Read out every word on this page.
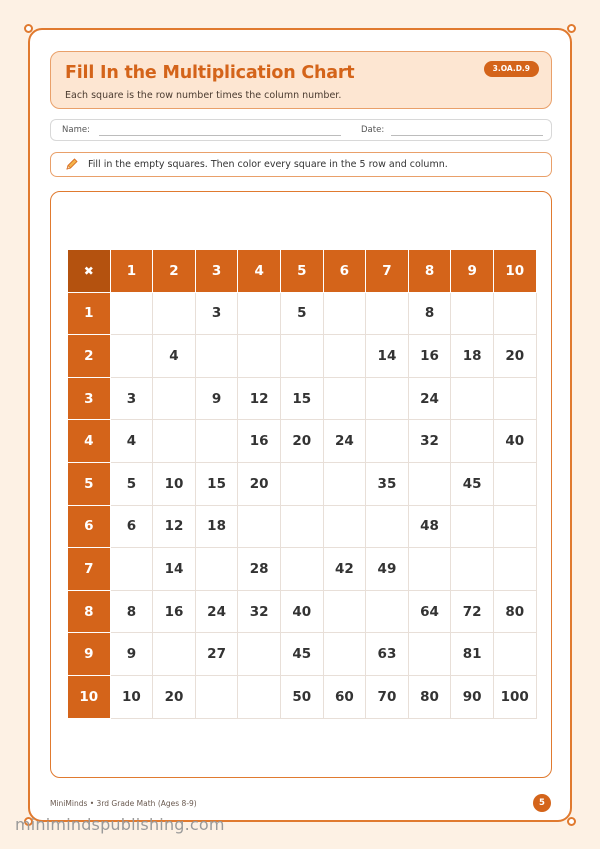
Fill In the Multiplication Chart
Each square is the row number times the column number.
3.OA.D.9
Name:	Date:
Fill in the empty squares. Then color every square in the 5 row and column.
✖	1	2	3	4	5	6	7	8	9	10
1			3		5			8		
2		4					14	16	18	20
3	3		9	12	15			24		
4	4			16	20	24		32		40
5	5	10	15	20			35		45	
6	6	12	18					48		
7		14		28		42	49			
8	8	16	24	32	40			64	72	80
9	9		27		45		63		81	
10	10	20			50	60	70	80	90	100
MiniMinds • 3rd Grade Math (Ages 8-9)	5
minimindspublishing.com
